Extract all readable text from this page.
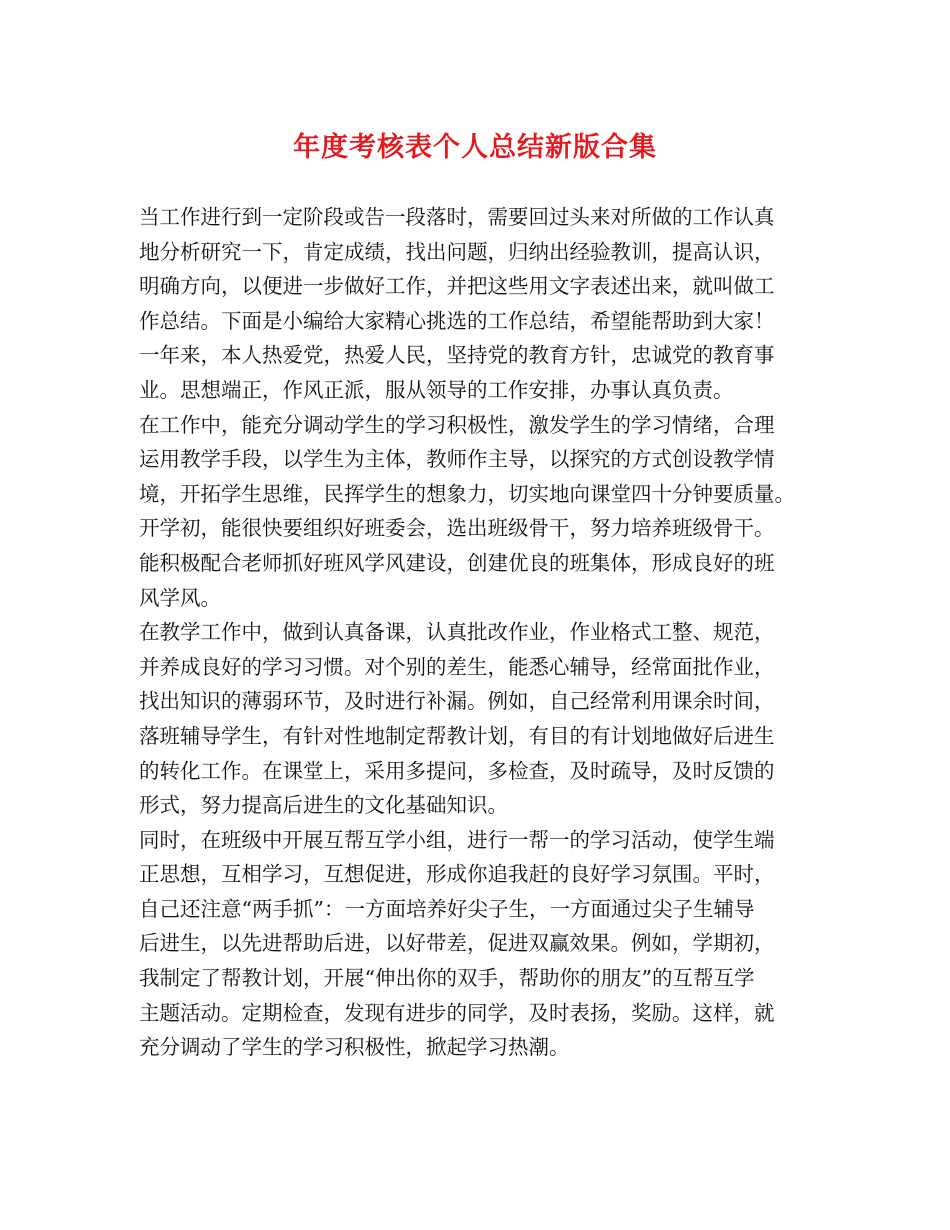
年度考核表个人总结新版合集
当工作进行到一定阶段或告一段落时，需要回过头来对所做的工作认真
地分析研究一下，肯定成绩，找出问题，归纳出经验教训，提高认识，
明确方向，以便进一步做好工作，并把这些用文字表述出来，就叫做工
作总结。下面是小编给大家精心挑选的工作总结，希望能帮助到大家！
一年来，本人热爱党，热爱人民，坚持党的教育方针，忠诚党的教育事
业。思想端正，作风正派，服从领导的工作安排，办事认真负责。
在工作中，能充分调动学生的学习积极性，激发学生的学习情绪，合理
运用教学手段，以学生为主体，教师作主导，以探究的方式创设教学情
境，开拓学生思维，民挥学生的想象力，切实地向课堂四十分钟要质量。
开学初，能很快要组织好班委会，选出班级骨干，努力培养班级骨干。
能积极配合老师抓好班风学风建设，创建优良的班集体，形成良好的班
风学风。
在教学工作中，做到认真备课，认真批改作业，作业格式工整、规范，
并养成良好的学习习惯。对个别的差生，能悉心辅导，经常面批作业，
找出知识的薄弱环节，及时进行补漏。例如，自己经常利用课余时间，
落班辅导学生，有针对性地制定帮教计划，有目的有计划地做好后进生
的转化工作。在课堂上，采用多提问，多检查，及时疏导，及时反馈的
形式，努力提高后进生的文化基础知识。
同时，在班级中开展互帮互学小组，进行一帮一的学习活动，使学生端
正思想，互相学习，互想促进，形成你追我赶的良好学习氛围。平时，
自己还注意“两手抓”：一方面培养好尖子生，一方面通过尖子生辅导
后进生，以先进帮助后进，以好带差，促进双赢效果。例如，学期初，
我制定了帮教计划，开展“伸出你的双手，帮助你的朋友”的互帮互学
主题活动。定期检查，发现有进步的同学，及时表扬，奖励。这样，就
充分调动了学生的学习积极性，掀起学习热潮。
